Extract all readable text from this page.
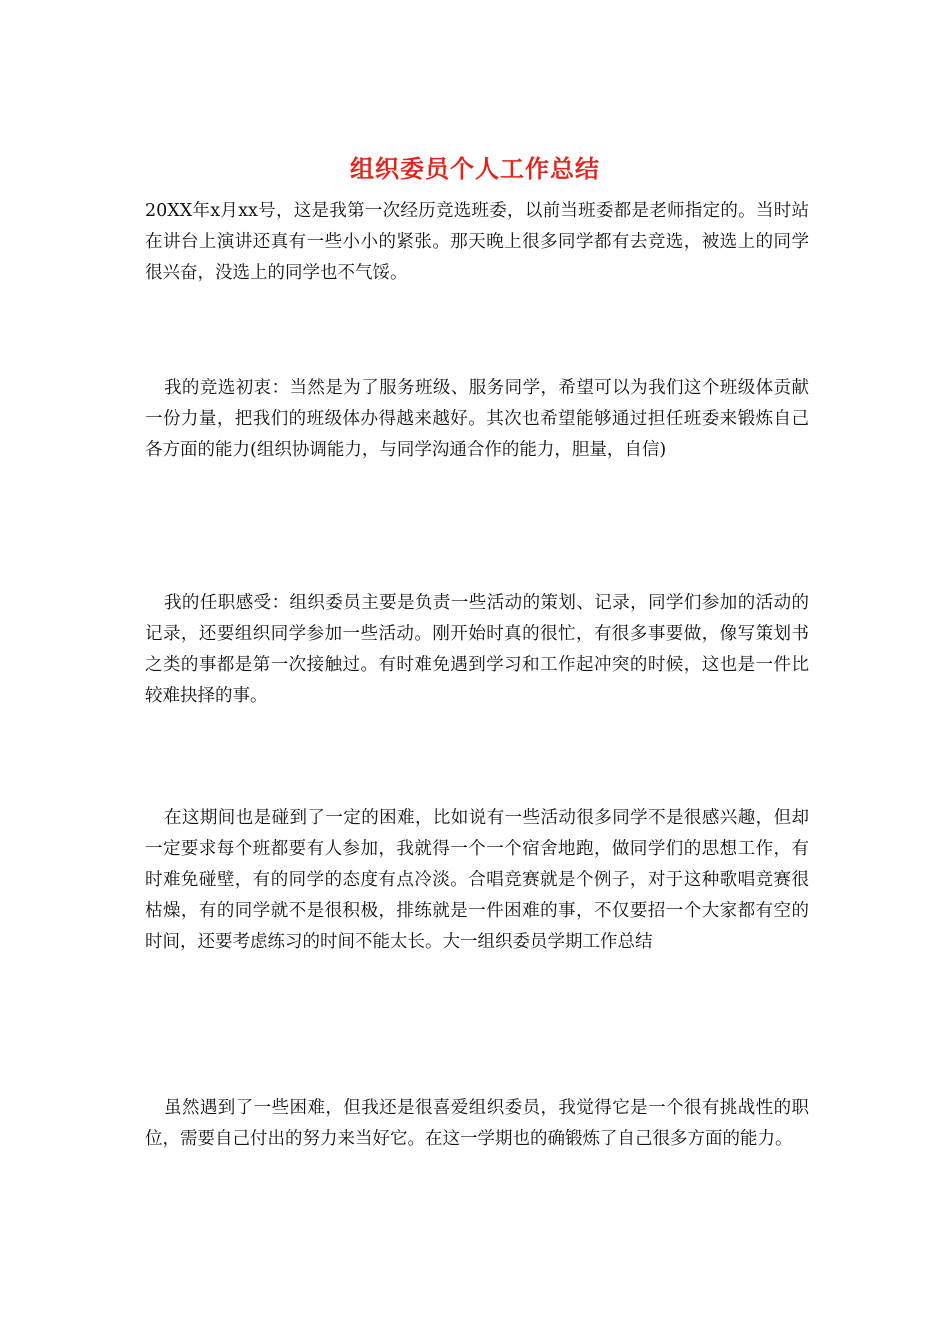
组织委员个人工作总结

20XX年x月xx号，这是我第一次经历竞选班委，以前当班委都是老师指定的。当时站在讲台上演讲还真有一些小小的紧张。那天晚上很多同学都有去竞选，被选上的同学很兴奋，没选上的同学也不气馁。

我的竞选初衷：当然是为了服务班级、服务同学，希望可以为我们这个班级体贡献一份力量，把我们的班级体办得越来越好。其次也希望能够通过担任班委来锻炼自己各方面的能力(组织协调能力，与同学沟通合作的能力，胆量，自信)

我的任职感受：组织委员主要是负责一些活动的策划、记录，同学们参加的活动的记录，还要组织同学参加一些活动。刚开始时真的很忙，有很多事要做，像写策划书之类的事都是第一次接触过。有时难免遇到学习和工作起冲突的时候，这也是一件比较难抉择的事。

在这期间也是碰到了一定的困难，比如说有一些活动很多同学不是很感兴趣，但却一定要求每个班都要有人参加，我就得一个一个宿舍地跑，做同学们的思想工作，有时难免碰壁，有的同学的态度有点冷淡。合唱竞赛就是个例子，对于这种歌唱竞赛很枯燥，有的同学就不是很积极，排练就是一件困难的事，不仅要招一个大家都有空的时间，还要考虑练习的时间不能太长。大一组织委员学期工作总结

虽然遇到了一些困难，但我还是很喜爱组织委员，我觉得它是一个很有挑战性的职位，需要自己付出的努力来当好它。在这一学期也的确锻炼了自己很多方面的能力。
